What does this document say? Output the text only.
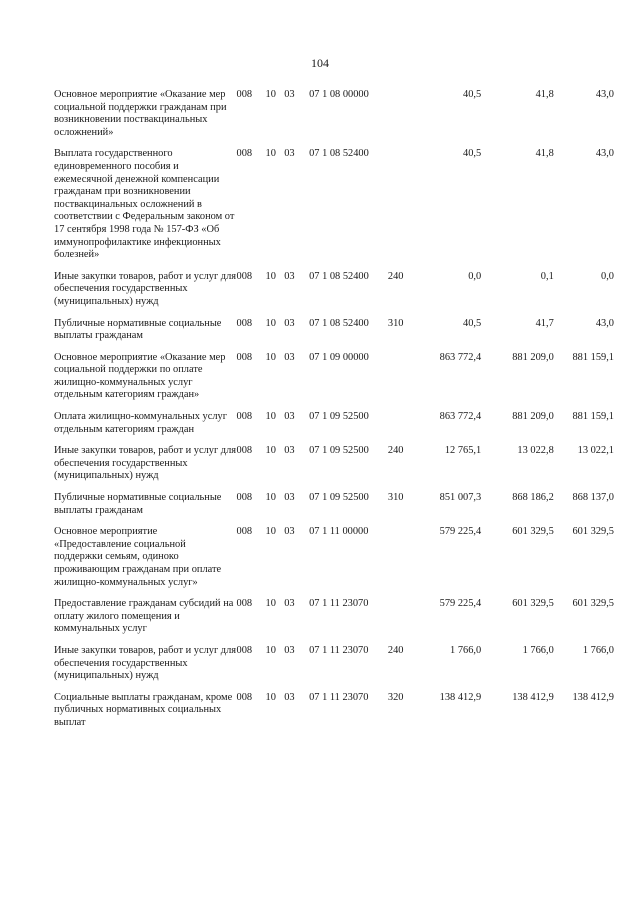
104
Основное мероприятие «Оказание мер социальной поддержки гражданам при возникновении поствакцинальных осложнений»	008	10	03	07 1 08 00000		40,5	41,8	43,0
Выплата государственного единовременного пособия и ежемесячной денежной компенсации гражданам при возникновении поствакцинальных осложнений в соответствии с Федеральным законом от 17 сентября 1998 года № 157-ФЗ «Об иммунопрофилактике инфекционных болезней»	008	10	03	07 1 08 52400		40,5	41,8	43,0
Иные закупки товаров, работ и услуг для обеспечения государственных (муниципальных) нужд	008	10	03	07 1 08 52400	240	0,0	0,1	0,0
Публичные нормативные социальные выплаты гражданам	008	10	03	07 1 08 52400	310	40,5	41,7	43,0
Основное мероприятие «Оказание мер социальной поддержки по оплате жилищно-коммунальных услуг отдельным категориям граждан»	008	10	03	07 1 09 00000		863 772,4	881 209,0	881 159,1
Оплата жилищно-коммунальных услуг отдельным категориям граждан	008	10	03	07 1 09 52500		863 772,4	881 209,0	881 159,1
Иные закупки товаров, работ и услуг для обеспечения государственных (муниципальных) нужд	008	10	03	07 1 09 52500	240	12 765,1	13 022,8	13 022,1
Публичные нормативные социальные выплаты гражданам	008	10	03	07 1 09 52500	310	851 007,3	868 186,2	868 137,0
Основное мероприятие «Предоставление социальной поддержки семьям, одиноко проживающим гражданам при оплате жилищно-коммунальных услуг»	008	10	03	07 1 11 00000		579 225,4	601 329,5	601 329,5
Предоставление гражданам субсидий на оплату жилого помещения и коммунальных услуг	008	10	03	07 1 11 23070		579 225,4	601 329,5	601 329,5
Иные закупки товаров, работ и услуг для обеспечения государственных (муниципальных) нужд	008	10	03	07 1 11 23070	240	1 766,0	1 766,0	1 766,0
Социальные выплаты гражданам, кроме публичных нормативных социальных выплат	008	10	03	07 1 11 23070	320	138 412,9	138 412,9	138 412,9
